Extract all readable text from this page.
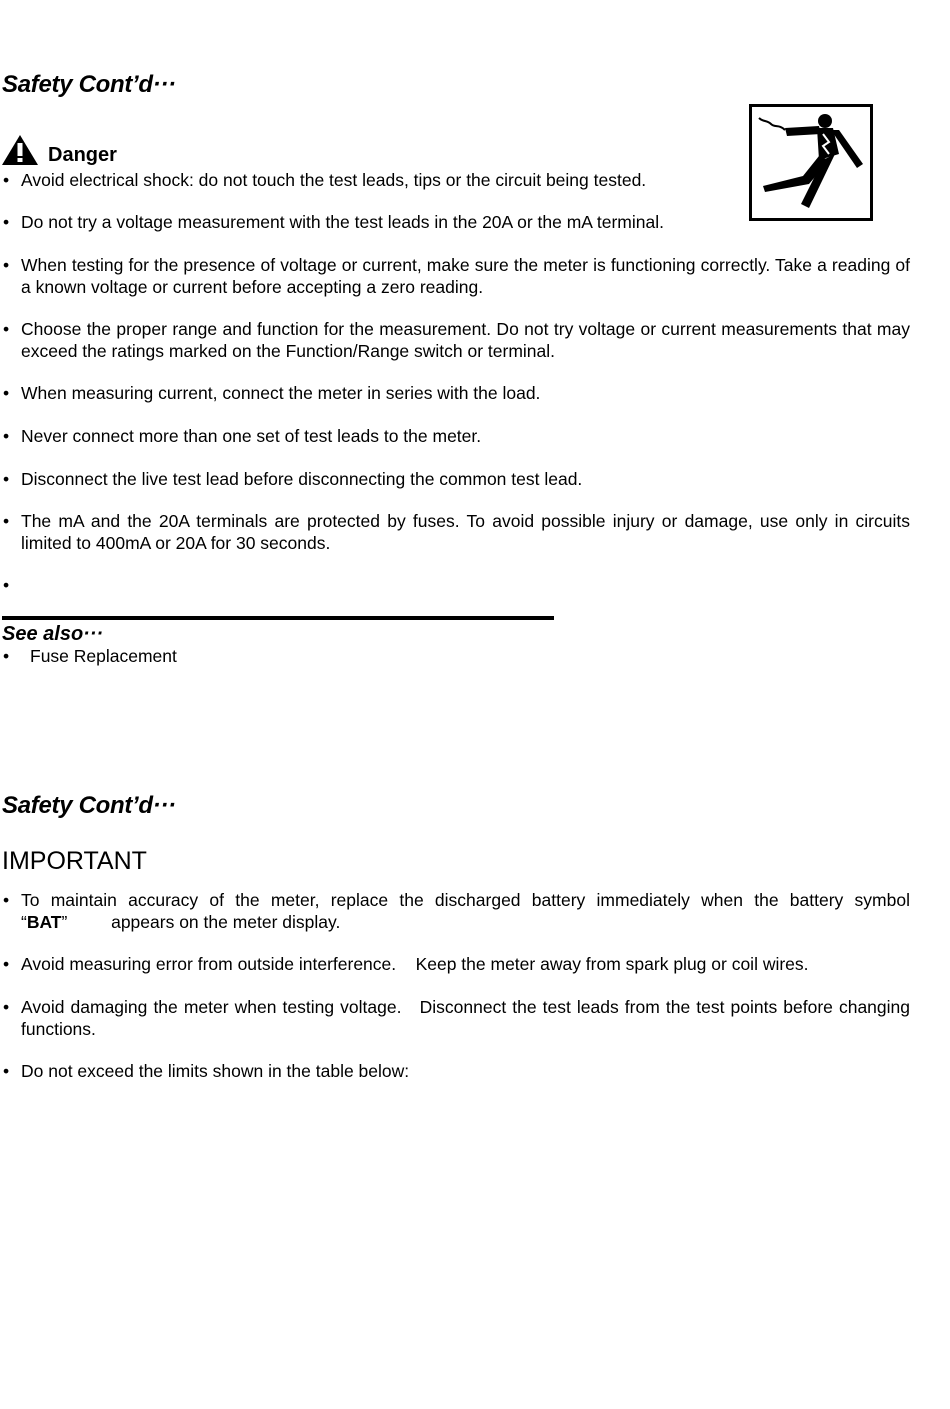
Safety Cont’d···
Danger
• Avoid electrical shock: do not touch the test leads, tips or the circuit being tested.
• Do not try a voltage measurement with the test leads in the 20A or the mA terminal.
• When testing for the presence of voltage or current, make sure the meter is functioning correctly. Take a reading of a known voltage or current before accepting a zero reading.
• Choose the proper range and function for the measurement. Do not try voltage or current measurements that may exceed the ratings marked on the Function/Range switch or terminal.
• When measuring current, connect the meter in series with the load.
• Never connect more than one set of test leads to the meter.
• Disconnect the live test lead before disconnecting the common test lead.
• The mA and the 20A terminals are protected by fuses. To avoid possible injury or damage, use only in circuits limited to 400mA or 20A for 30 seconds.
•
See also···
• Fuse Replacement
Safety Cont’d···
IMPORTANT
• To maintain accuracy of the meter, replace the discharged battery immediately when the battery symbol “BAT”         appears on the meter display.
• Avoid measuring error from outside interference.    Keep the meter away from spark plug or coil wires.
• Avoid damaging the meter when testing voltage.   Disconnect the test leads from the test points before changing functions.
• Do not exceed the limits shown in the table below:
